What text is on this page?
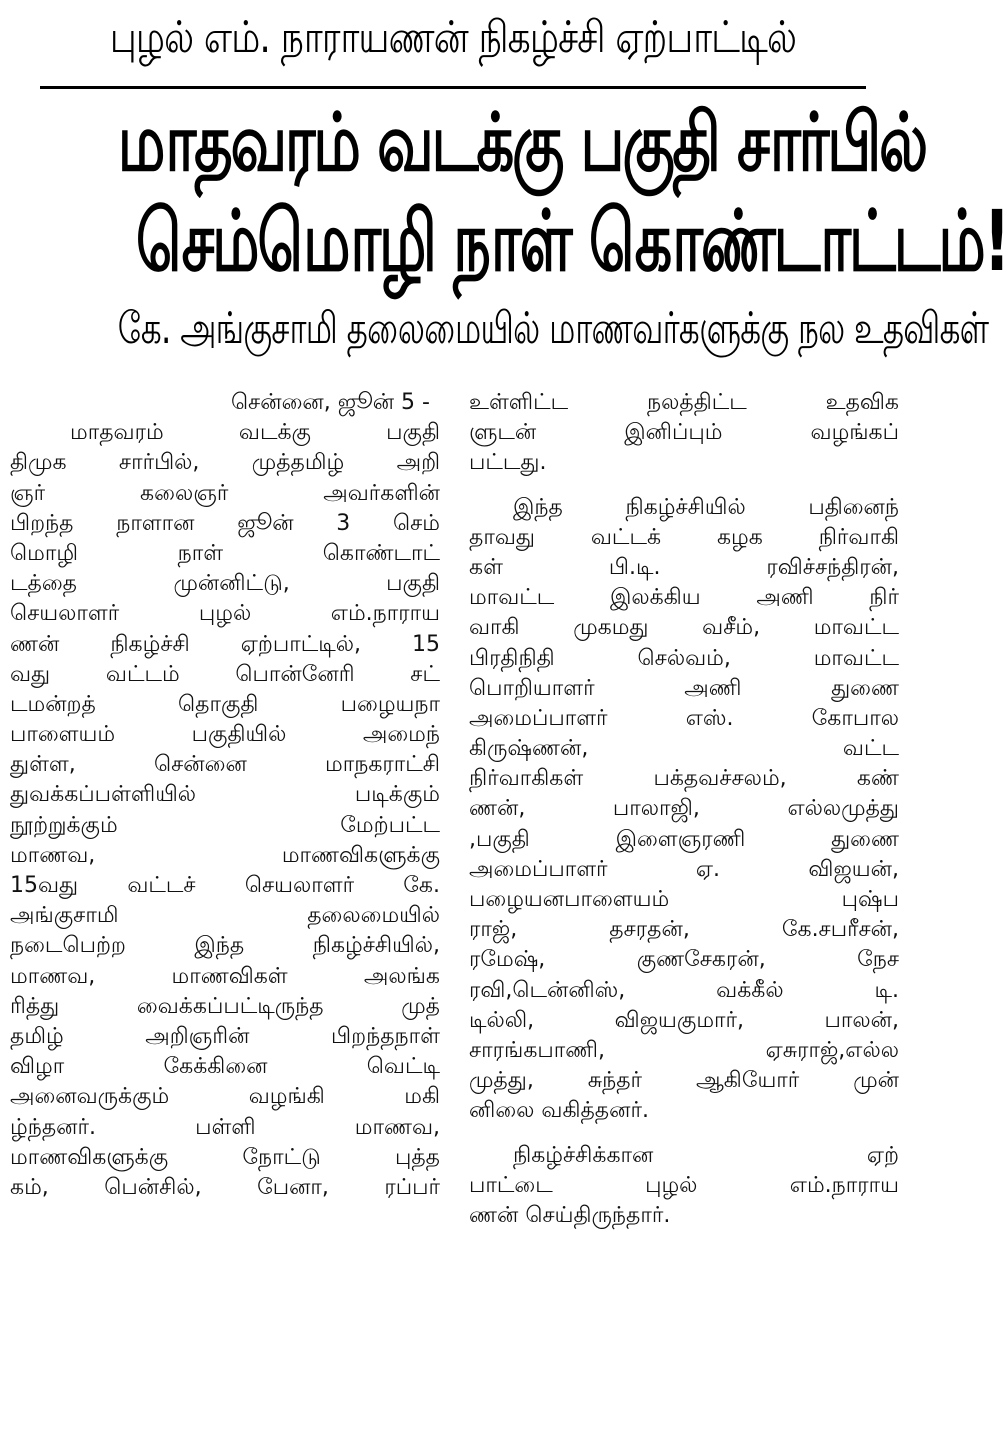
புழல் எம். நாராயணன் நிகழ்ச்சி ஏற்பாட்டில்
மாதவரம் வடக்கு பகுதி சார்பில்
செம்மொழி நாள் கொண்டாட்டம்!
கே. அங்குசாமி தலைமையில் மாணவர்களுக்கு நல உதவிகள்
சென்னை, ஜூன் 5 -
மாதவரம் வடக்கு பகுதி
திமுக சார்பில், முத்தமிழ் அறி
ஞர் கலைஞர் அவர்களின்
பிறந்த நாளான ஜூன் 3 செம்
மொழி நாள் கொண்டாட்
டத்தை முன்னிட்டு, பகுதி
செயலாளர் புழல் எம்.நாராய
ணன் நிகழ்ச்சி ஏற்பாட்டில், 15
வது வட்டம் பொன்னேரி சட்
டமன்றத் தொகுதி பழையநா
பாளையம் பகுதியில் அமைந்
துள்ள, சென்னை மாநகராட்சி
துவக்கப்பள்ளியில் படிக்கும்
நூற்றுக்கும் மேற்பட்ட
மாணவ, மாணவிகளுக்கு
15வது வட்டச் செயலாளர் கே.
அங்குசாமி தலைமையில்
நடைபெற்ற இந்த நிகழ்ச்சியில்,
மாணவ, மாணவிகள் அலங்க
ரித்து வைக்கப்பட்டிருந்த முத்
தமிழ் அறிஞரின் பிறந்தநாள்
விழா கேக்கினை வெட்டி
அனைவருக்கும் வழங்கி மகி
ழ்ந்தனர். பள்ளி மாணவ,
மாணவிகளுக்கு நோட்டு புத்த
கம், பென்சில், பேனா, ரப்பர்
உள்ளிட்ட நலத்திட்ட உதவிக
ளுடன் இனிப்பும் வழங்கப்
பட்டது.
இந்த நிகழ்ச்சியில் பதினைந்
தாவது வட்டக் கழக நிர்வாகி
கள் பி.டி. ரவிச்சந்திரன்,
மாவட்ட இலக்கிய அணி நிர்
வாகி முகமது வசீம், மாவட்ட
பிரதிநிதி செல்வம், மாவட்ட
பொறியாளர் அணி துணை
அமைப்பாளர் எஸ். கோபால
கிருஷ்ணன், வட்ட
நிர்வாகிகள் பக்தவச்சலம், கண்
ணன், பாலாஜி, எல்லமுத்து
,பகுதி இளைஞரணி துணை
அமைப்பாளர் ஏ. விஜயன்,
பழையனபாளையம் புஷ்ப
ராஜ், தசரதன், கே.சபரீசன்,
ரமேஷ், குணசேகரன், நேச
ரவி,டென்னிஸ், வக்கீல் டி.
டில்லி, விஜயகுமார், பாலன்,
சாரங்கபாணி, ஏசுராஜ்,எல்ல
முத்து, சுந்தர் ஆகியோர் முன்
னிலை வகித்தனர்.
நிகழ்ச்சிக்கான ஏற்
பாட்டை புழல் எம்.நாராய
ணன் செய்திருந்தார்.
